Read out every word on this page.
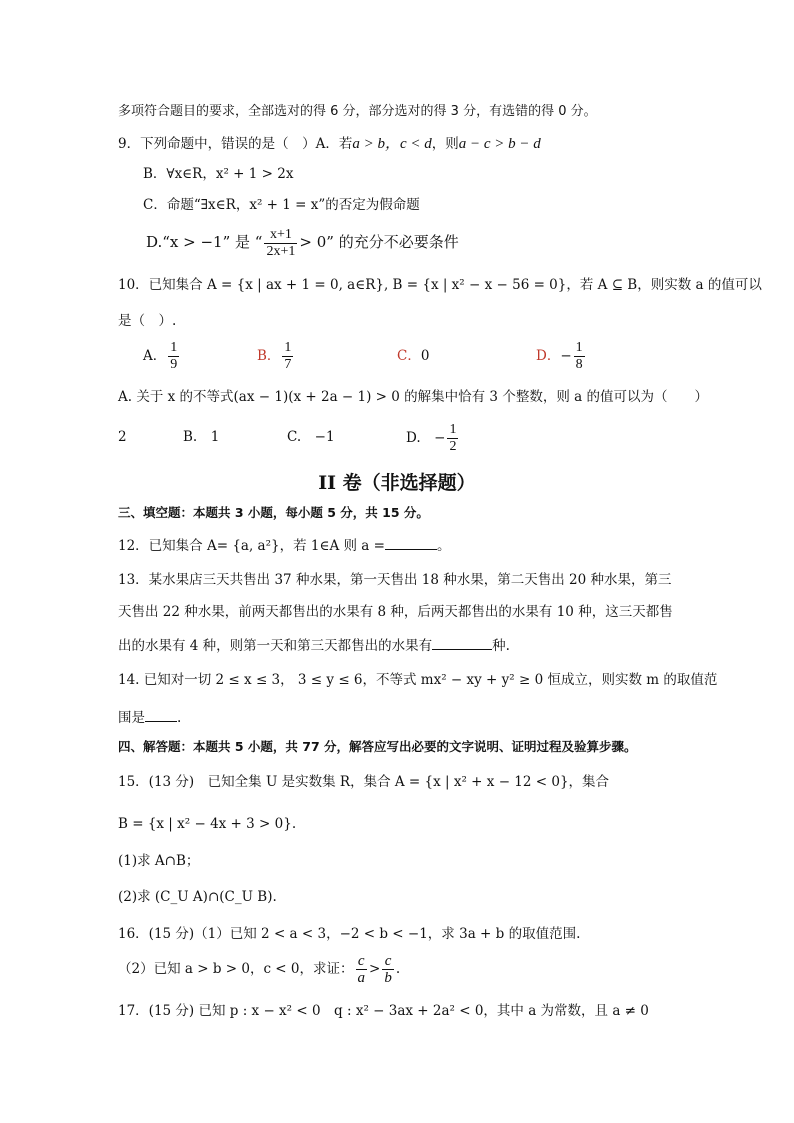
多项符合题目的要求，全部选对的得 6 分，部分选对的得 3 分，有选错的得 0 分。
9．下列命题中，错误的是（　）A．若a > b，c < d，则a − c > b − d
B．∀x∈R，x² + 1 > 2x
C．命题“∃x∈R，x² + 1 = x”的否定为假命题
D.“x > −1” 是 “ $\frac{x+1}{2x+1} > 0$” 的充分不必要条件
10．已知集合 A = {x | ax + 1 = 0, a∈R}, B = {x | x² − x − 56 = 0}，若 A ⊆ B，则实数 a 的值可以
是（　）.
A． $\frac{1}{9}$	B． $\frac{1}{7}$	C．0	D．− $\frac{1}{8}$
A. 关于 x 的不等式(ax − 1)(x + 2a − 1) > 0 的解集中恰有 3 个整数，则 a 的值可以为（　　）
2	B.　1	C.　−1	D.　− $\frac{1}{2}$
II 卷（非选择题）
三、填空题：本题共 3 小题，每小题 5 分，共 15 分。
12．已知集合 A= {a, a²}，若 1∈A 则 a =	。
13．某水果店三天共售出 37 种水果，第一天售出 18 种水果，第二天售出 20 种水果，第三
天售出 22 种水果，前两天都售出的水果有 8 种，后两天都售出的水果有 10 种，这三天都售
出的水果有 4 种，则第一天和第三天都售出的水果有	种.
14. 已知对一切 2 ≤ x ≤ 3， 3 ≤ y ≤ 6，不等式 mx² − xy + y² ≥ 0 恒成立，则实数 m 的取值范
围是 .
四、解答题：本题共 5 小题，共 77 分，解答应写出必要的文字说明、证明过程及验算步骤。
15．(13 分)　已知全集 U 是实数集 R，集合 A = {x | x² + x − 12 < 0}，集合
B = {x | x² − 4x + 3 > 0}.
(1)求 A∩B；
(2)求 (C_U A)∩(C_U B).
16．(15 分)（1）已知 2 < a < 3，−2 < b < −1，求 3a + b 的取值范围.
（2）已知 a > b > 0，c < 0，求证： $\frac{c}{a} > \frac{c}{b}$ .
17．(15 分) 已知 p : x − x² < 0　q : x² − 3ax + 2a² < 0，其中 a 为常数，且 a ≠ 0
